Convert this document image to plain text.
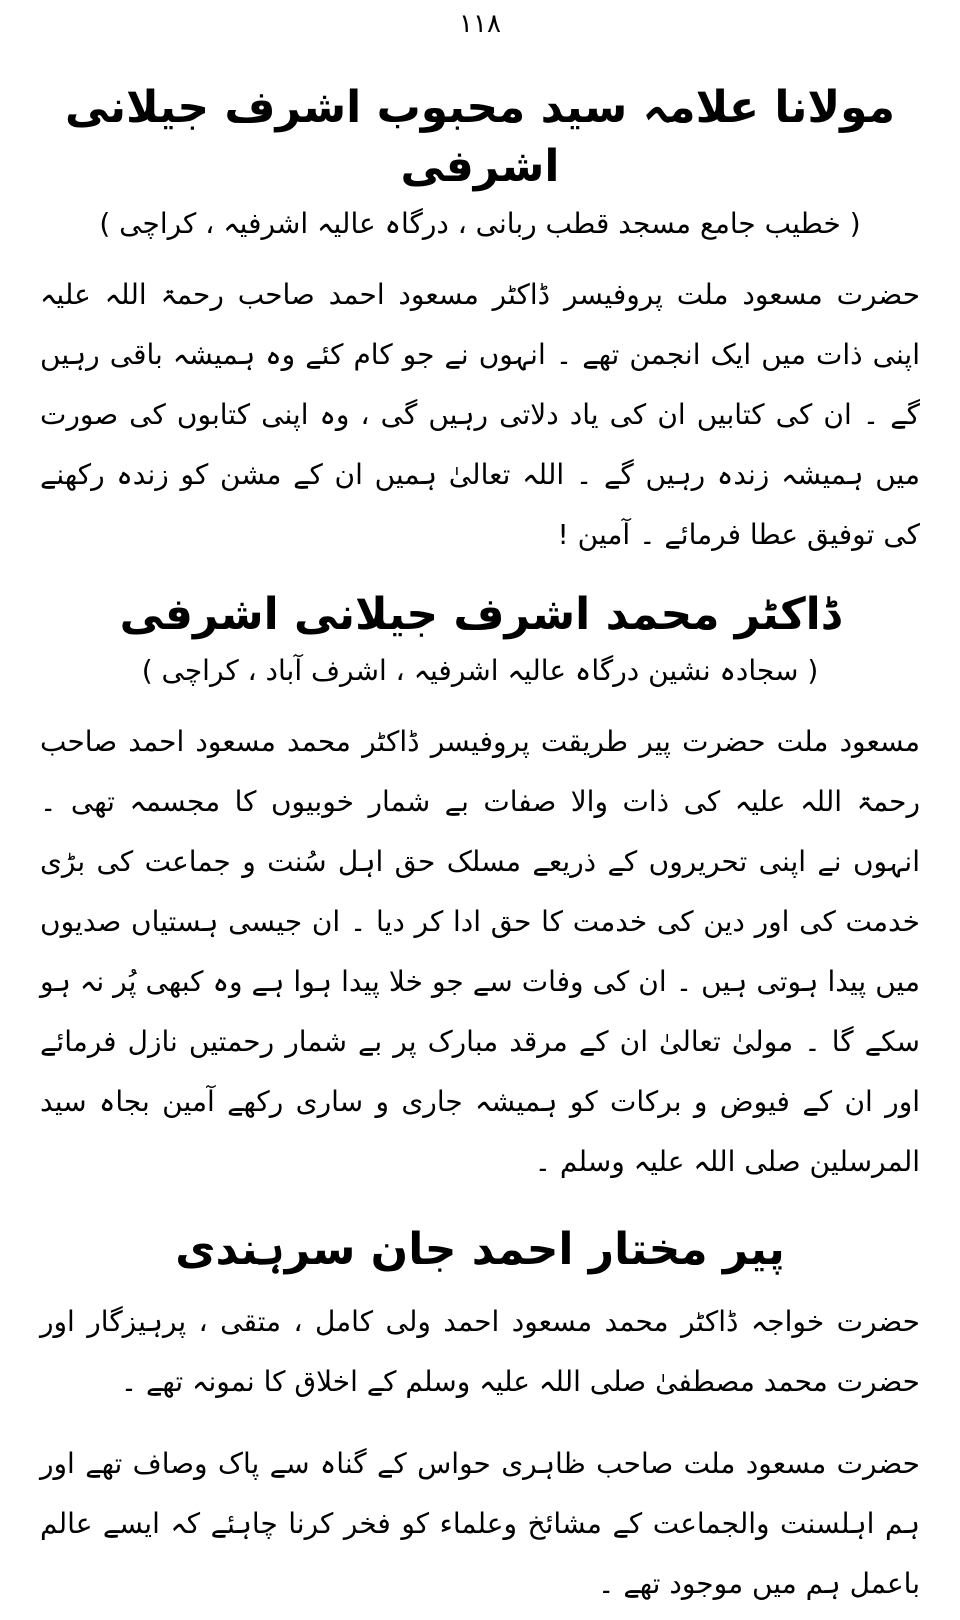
۱۱۸
مولانا علامہ سید محبوب اشرف جیلانی اشرفی
( خطیب جامع مسجد قطب ربانی ، درگاہ عالیہ اشرفیہ ، کراچی )

حضرت مسعود ملت پروفیسر ڈاکٹر مسعود احمد صاحب رحمۃ اللہ علیہ اپنی ذات میں ایک انجمن تھے ۔ انہوں نے جو کام کئے وہ ہمیشہ باقی رہیں گے ۔ ان کی کتابیں ان کی یاد دلاتی رہیں گی ، وہ اپنی کتابوں کی صورت میں ہمیشہ زندہ رہیں گے ۔ اللہ تعالیٰ ہمیں ان کے مشن کو زندہ رکھنے کی توفیق عطا فرمائے ۔ آمین !

ڈاکٹر محمد اشرف جیلانی اشرفی
( سجادہ نشین درگاہ عالیہ اشرفیہ ، اشرف آباد ، کراچی )

مسعود ملت حضرت پیر طریقت پروفیسر ڈاکٹر محمد مسعود احمد صاحب رحمۃ اللہ علیہ کی ذات والا صفات بے شمار خوبیوں کا مجسمہ تھی ۔ انہوں نے اپنی تحریروں کے ذریعے مسلک حق اہل سُنت و جماعت کی بڑی خدمت کی اور دین کی خدمت کا حق ادا کر دیا ۔ ان جیسی ہستیاں صدیوں میں پیدا ہوتی ہیں ۔ ان کی وفات سے جو خلا پیدا ہوا ہے وہ کبھی پُر نہ ہو سکے گا ۔ مولیٰ تعالیٰ ان کے مرقد مبارک پر بے شمار رحمتیں نازل فرمائے اور ان کے فیوض و برکات کو ہمیشہ جاری و ساری رکھے آمین بجاہ سید المرسلین صلی اللہ علیہ وسلم ۔

پیر مختار احمد جان سرہندی

حضرت خواجہ ڈاکٹر محمد مسعود احمد ولی کامل ، متقی ، پرہیزگار اور حضرت محمد مصطفیٰ صلی اللہ علیہ وسلم کے اخلاق کا نمونہ تھے ۔

حضرت مسعود ملت صاحب ظاہری حواس کے گناہ سے پاک وصاف تھے اور ہم اہلسنت والجماعت کے مشائخ وعلماء کو فخر کرنا چاہئے کہ ایسے عالم باعمل ہم میں موجود تھے ۔
